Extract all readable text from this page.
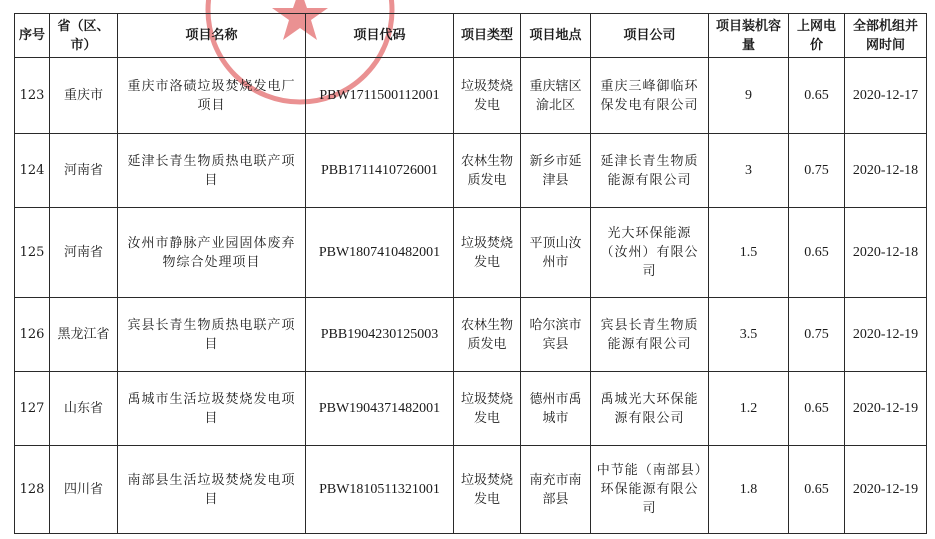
序号	省（区、市）	项目名称	项目代码	项目类型	项目地点	项目公司	项目装机容量	上网电价	全部机组并网时间
123	重庆市	重庆市洛碛垃圾焚烧发电厂项目	PBW1711500112001	垃圾焚烧发电	重庆辖区渝北区	重庆三峰御临环保发电有限公司	9	0.65	2020-12-17
124	河南省	延津长青生物质热电联产项目	PBB1711410726001	农林生物质发电	新乡市延津县	延津长青生物质能源有限公司	3	0.75	2020-12-18
125	河南省	汝州市静脉产业园固体废弃物综合处理项目	PBW1807410482001	垃圾焚烧发电	平顶山汝州市	光大环保能源（汝州）有限公司	1.5	0.65	2020-12-18
126	黑龙江省	宾县长青生物质热电联产项目	PBB1904230125003	农林生物质发电	哈尔滨市宾县	宾县长青生物质能源有限公司	3.5	0.75	2020-12-19
127	山东省	禹城市生活垃圾焚烧发电项目	PBW1904371482001	垃圾焚烧发电	德州市禹城市	禹城光大环保能源有限公司	1.2	0.65	2020-12-19
128	四川省	南部县生活垃圾焚烧发电项目	PBW1810511321001	垃圾焚烧发电	南充市南部县	中节能（南部县）环保能源有限公司	1.8	0.65	2020-12-19
